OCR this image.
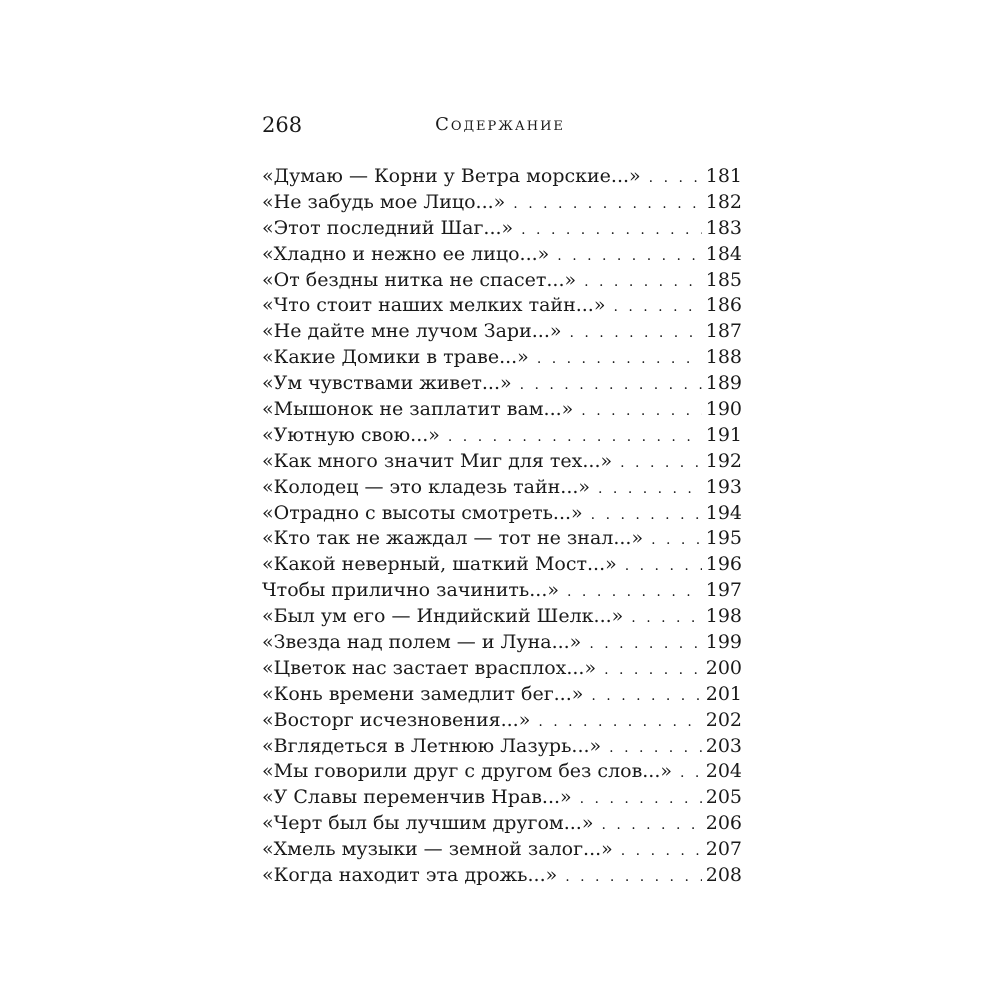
268	Содержание
«Думаю — Корни у Ветра морские...» . . .	181
«Не забудь мое Лицо...» . . .	182
«Этот последний Шаг...» . . .	183
«Хладно и нежно ее лицо...» . . .	184
«От бездны нитка не спасет...» . . .	185
«Что стоит наших мелких тайн...» . . .	186
«Не дайте мне лучом Зари...» . . .	187
«Какие Домики в траве...» . . .	188
«Ум чувствами живет...» . . .	189
«Мышонок не заплатит вам...» . . .	190
«Уютную свою...» . . .	191
«Как много значит Миг для тех...» . . .	192
«Колодец — это кладезь тайн...» . . .	193
«Отрадно с высоты смотреть...» . . .	194
«Кто так не жаждал — тот не знал...» . . .	195
«Какой неверный, шаткий Мост...» . . .	196
Чтобы прилично зачинить...» . . .	197
«Был ум его — Индийский Шелк...» . . .	198
«Звезда над полем — и Луна...» . . .	199
«Цветок нас застает врасплох...» . . .	200
«Конь времени замедлит бег...» . . .	201
«Восторг исчезновения...» . . .	202
«Вглядеться в Летнюю Лазурь...» . . .	203
«Мы говорили друг с другом без слов...» . . . 204
«У Славы переменчив Нрав...» . . .	205
«Черт был бы лучшим другом...» . . .	206
«Хмель музыки — земной залог...» . . .	207
«Когда находит эта дрожь...» . . .	208
